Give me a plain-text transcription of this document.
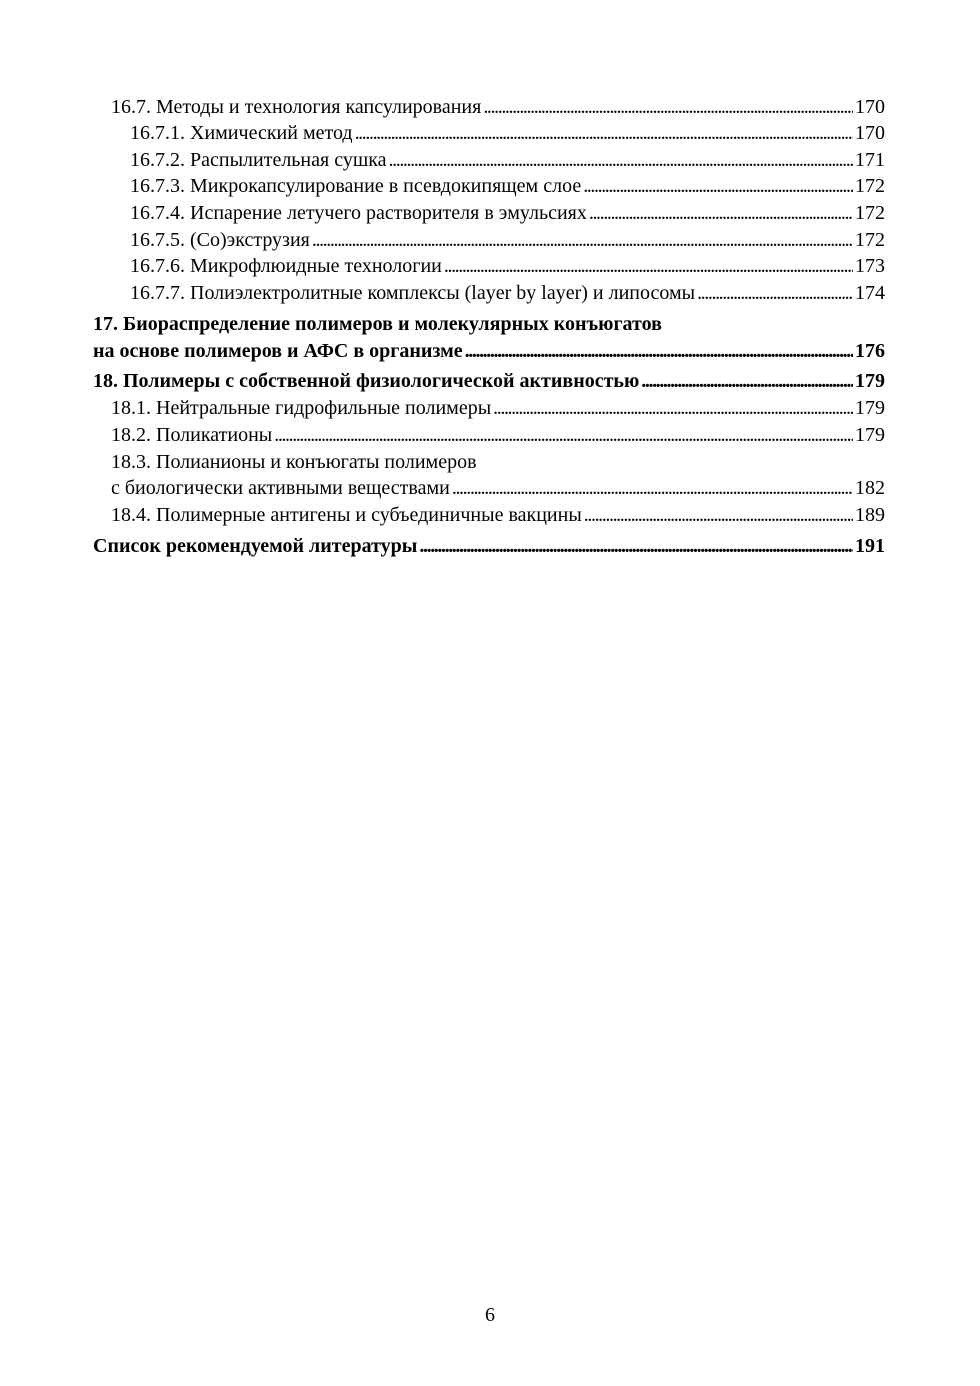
16.7. Методы и технология капсулирования . . .	170
16.7.1. Химический метод . . .	170
16.7.2. Распылительная сушка . . .	171
16.7.3. Микрокапсулирование в псевдокипящем слое . . .	172
16.7.4. Испарение летучего растворителя в эмульсиях . . .	172
16.7.5. (Со)экструзия . . .	172
16.7.6. Микрофлюидные технологии . . .	173
16.7.7. Полиэлектролитные комплексы (layer by layer) и липосомы . . .	174
17. Биораспределение полимеров и молекулярных конъюгатов
на основе полимеров и АФС в организме . . .	176
18. Полимеры с собственной физиологической активностью . . .	179
18.1. Нейтральные гидрофильные полимеры . . .	179
18.2. Поликатионы . . .	179
18.3. Полианионы и конъюгаты полимеров
с биологически активными веществами . . .	182
18.4. Полимерные антигены и субъединичные вакцины . . .	189
Список рекомендуемой литературы . . .	191
6
